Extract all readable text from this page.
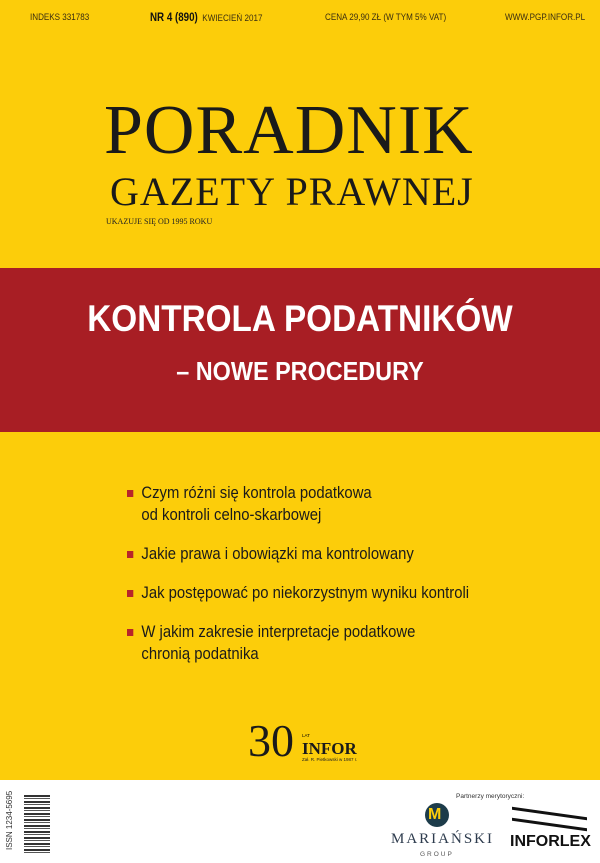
INDEKS 331783	NR 4 (890) KWIECIEŃ 2017	CENA 29,90 ZŁ (W TYM 5% VAT)	WWW.PGP.INFOR.PL
PORADNIK
GAZETY PRAWNEJ
UKAZUJE SIĘ OD 1995 ROKU
KONTROLA PODATNIKÓW
– NOWE PROCEDURY
Czym różni się kontrola podatkowa
od kontroli celno-skarbowej
Jakie prawa i obowiązki ma kontrolowany
Jak postępować po niekorzystnym wyniku kontroli
W jakim zakresie interpretacje podatkowe
chronią podatnika
30 LAT
INFOR
Zał. R. Pietkowski w 1987 r.
Partnerzy merytoryczni:
M
MARIAŃSKI
GROUP
INFORLEX
ISSN 1234-5695
